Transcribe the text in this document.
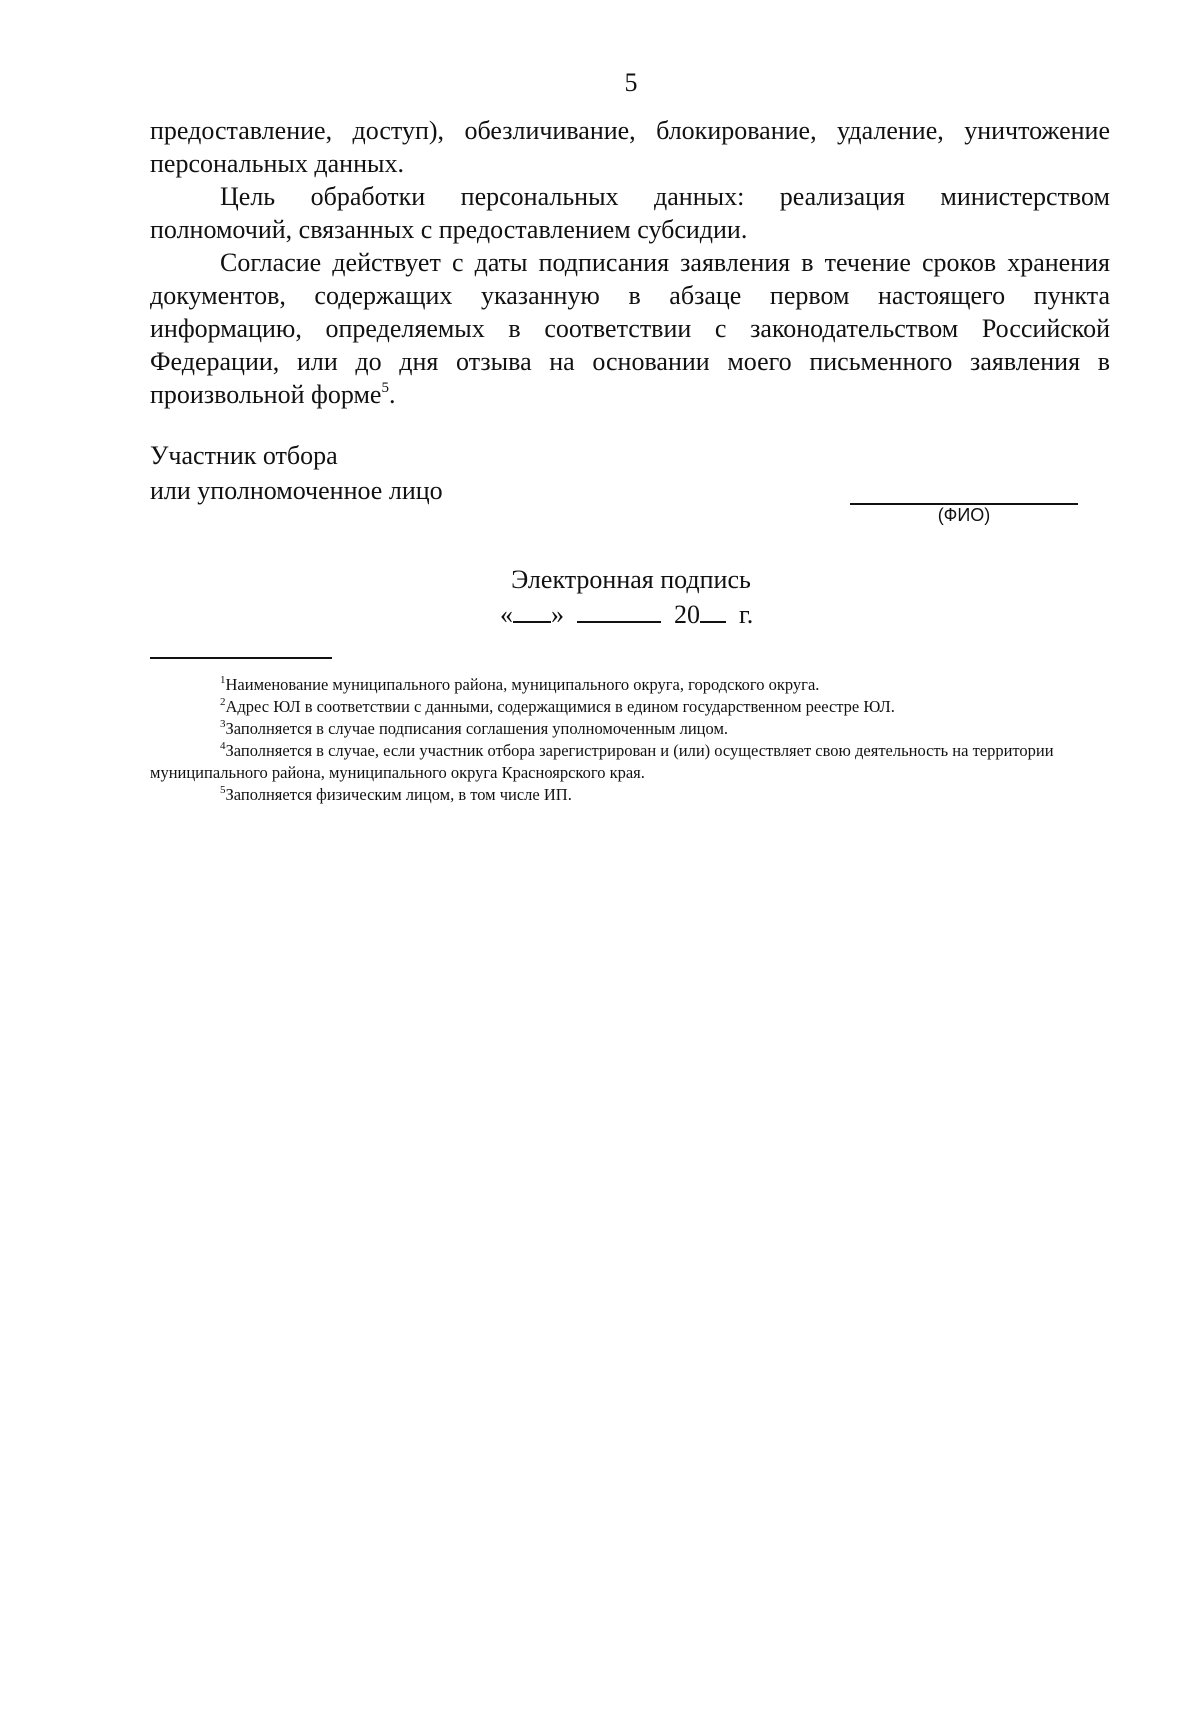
5

предоставление, доступ), обезличивание, блокирование, удаление, уничтожение персональных данных.

Цель обработки персональных данных: реализация министерством полномочий, связанных с предоставлением субсидии.

Согласие действует с даты подписания заявления в течение сроков хранения документов, содержащих указанную в абзаце первом настоящего пункта информацию, определяемых в соответствии с законодательством Российской Федерации, или до дня отзыва на основании моего письменного заявления в произвольной форме$^5$.

Участник отбора
или уполномоченное лицо
(ФИО)
Электронная подпись
« »	20 г.

$^1$Наименование муниципального района, муниципального округа, городского округа.

$^2$Адрес ЮЛ в соответствии с данными, содержащимися в едином государственном реестре ЮЛ.

$^3$Заполняется в случае подписания соглашения уполномоченным лицом.

$^4$Заполняется в случае, если участник отбора зарегистрирован и (или) осуществляет свою деятельность на территории муниципального района, муниципального округа Красноярского края.

$^5$Заполняется физическим лицом, в том числе ИП.
